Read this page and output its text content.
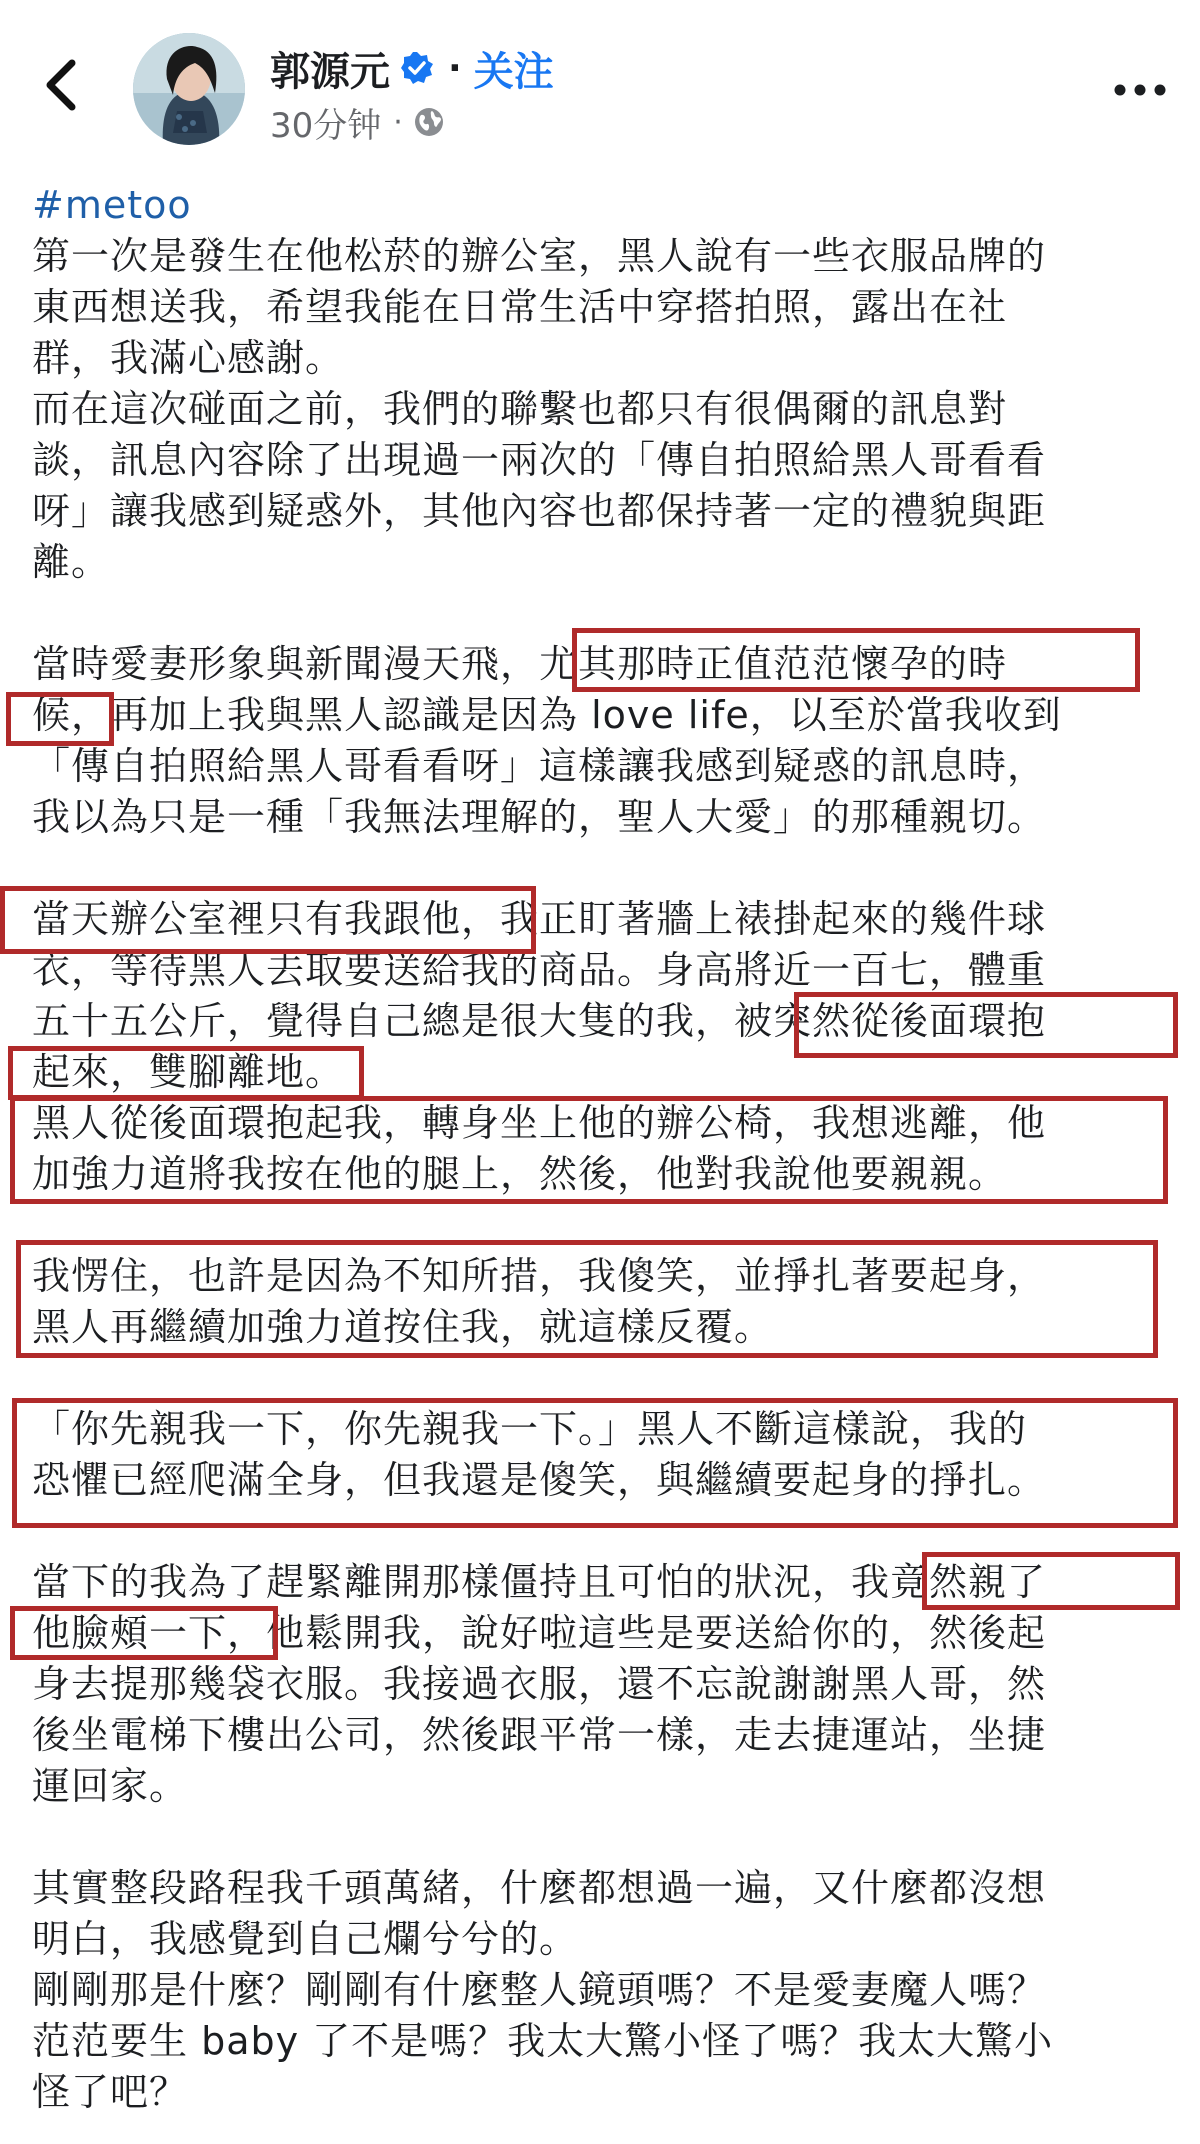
郭源元 · 关注
30分钟 ·
#metoo
第一次是發生在他松菸的辦公室，黑人說有一些衣服品牌的
東西想送我，希望我能在日常生活中穿搭拍照，露出在社
群，我滿心感謝。
而在這次碰面之前，我們的聯繫也都只有很偶爾的訊息對
談，訊息內容除了出現過一兩次的「傳自拍照給黑人哥看看
呀」讓我感到疑惑外，其他內容也都保持著一定的禮貌與距
離。
當時愛妻形象與新聞漫天飛，尤其那時正值范范懷孕的時
候，再加上我與黑人認識是因為 love life，以至於當我收到
「傳自拍照給黑人哥看看呀」這樣讓我感到疑惑的訊息時，
我以為只是一種「我無法理解的，聖人大愛」的那種親切。
當天辦公室裡只有我跟他，我正盯著牆上裱掛起來的幾件球
衣，等待黑人去取要送給我的商品。身高將近一百七，體重
五十五公斤，覺得自己總是很大隻的我，被突然從後面環抱
起來，雙腳離地。
黑人從後面環抱起我，轉身坐上他的辦公椅，我想逃離，他
加強力道將我按在他的腿上，然後，他對我說他要親親。
我愣住，也許是因為不知所措，我傻笑，並掙扎著要起身，
黑人再繼續加強力道按住我，就這樣反覆。
「你先親我一下，你先親我一下。」黑人不斷這樣說，我的
恐懼已經爬滿全身，但我還是傻笑，與繼續要起身的掙扎。
當下的我為了趕緊離開那樣僵持且可怕的狀況，我竟然親了
他臉頰一下，他鬆開我，說好啦這些是要送給你的，然後起
身去提那幾袋衣服。我接過衣服，還不忘說謝謝黑人哥，然
後坐電梯下樓出公司，然後跟平常一樣，走去捷運站，坐捷
運回家。
其實整段路程我千頭萬緒，什麼都想過一遍，又什麼都沒想
明白，我感覺到自己爛兮兮的。
剛剛那是什麼？剛剛有什麼整人鏡頭嗎？不是愛妻魔人嗎？
范范要生 baby 了不是嗎？我太大驚小怪了嗎？我太大驚小
怪了吧？
